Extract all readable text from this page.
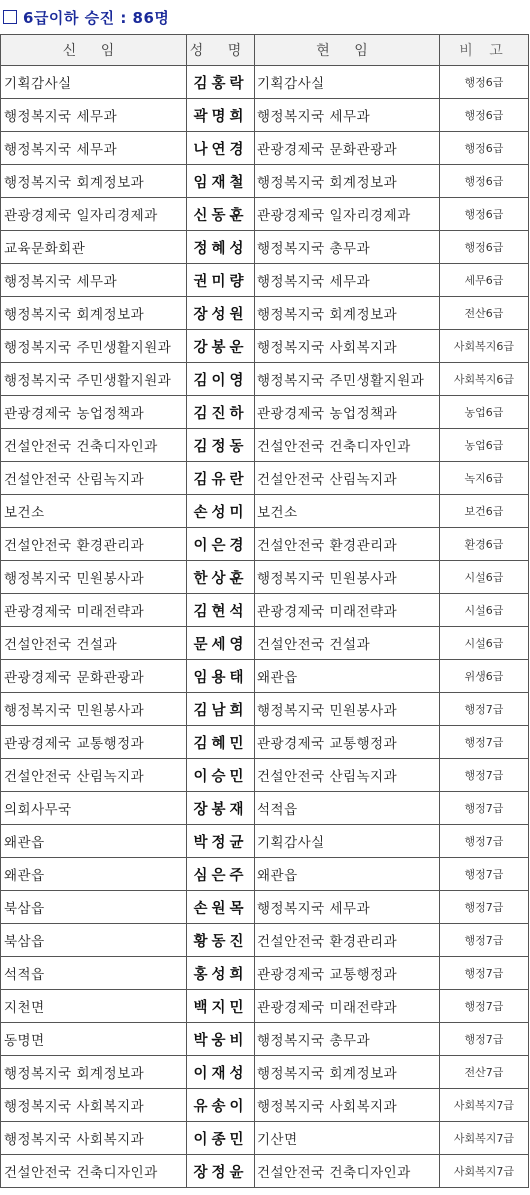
6급이하 승진 : 86명
신 임	성 명	현 임	비 고
기획감사실	김홍락	기획감사실	행정6급
행정복지국 세무과	곽명희	행정복지국 세무과	행정6급
행정복지국 세무과	나연경	관광경제국 문화관광과	행정6급
행정복지국 회계정보과	임재철	행정복지국 회계정보과	행정6급
관광경제국 일자리경제과	신동훈	관광경제국 일자리경제과	행정6급
교육문화회관	정혜성	행정복지국 총무과	행정6급
행정복지국 세무과	권미량	행정복지국 세무과	세무6급
행정복지국 회계정보과	장성원	행정복지국 회계정보과	전산6급
행정복지국 주민생활지원과	강봉운	행정복지국 사회복지과	사회복지6급
행정복지국 주민생활지원과	김이영	행정복지국 주민생활지원과	사회복지6급
관광경제국 농업정책과	김진하	관광경제국 농업정책과	농업6급
건설안전국 건축디자인과	김정동	건설안전국 건축디자인과	농업6급
건설안전국 산림녹지과	김유란	건설안전국 산림녹지과	녹지6급
보건소	손성미	보건소	보건6급
건설안전국 환경관리과	이은경	건설안전국 환경관리과	환경6급
행정복지국 민원봉사과	한상훈	행정복지국 민원봉사과	시설6급
관광경제국 미래전략과	김현석	관광경제국 미래전략과	시설6급
건설안전국 건설과	문세영	건설안전국 건설과	시설6급
관광경제국 문화관광과	임용태	왜관읍	위생6급
행정복지국 민원봉사과	김남희	행정복지국 민원봉사과	행정7급
관광경제국 교통행정과	김혜민	관광경제국 교통행정과	행정7급
건설안전국 산림녹지과	이승민	건설안전국 산림녹지과	행정7급
의회사무국	장봉재	석적읍	행정7급
왜관읍	박정균	기획감사실	행정7급
왜관읍	심은주	왜관읍	행정7급
북삼읍	손원목	행정복지국 세무과	행정7급
북삼읍	황동진	건설안전국 환경관리과	행정7급
석적읍	홍성희	관광경제국 교통행정과	행정7급
지천면	백지민	관광경제국 미래전략과	행정7급
동명면	박웅비	행정복지국 총무과	행정7급
행정복지국 회계정보과	이재성	행정복지국 회계정보과	전산7급
행정복지국 사회복지과	유송이	행정복지국 사회복지과	사회복지7급
행정복지국 사회복지과	이종민	기산면	사회복지7급
건설안전국 건축디자인과	장정윤	건설안전국 건축디자인과	사회복지7급
